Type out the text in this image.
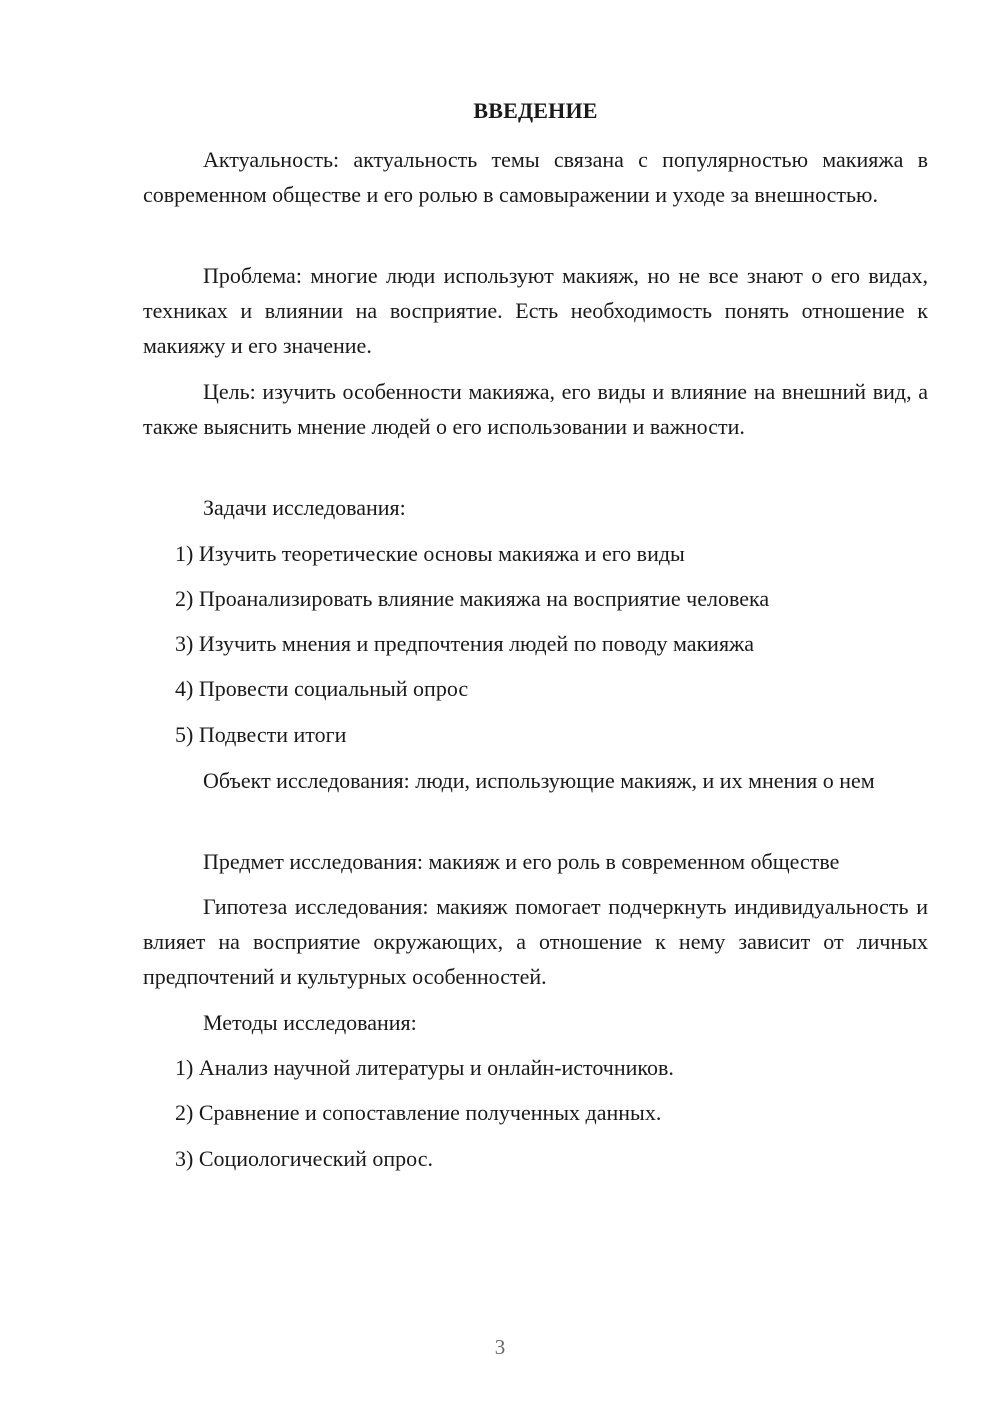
ВВЕДЕНИЕ

Актуальность: актуальность темы связана с популярностью макияжа в современном обществе и его ролью в самовыражении и уходе за внешностью.

Проблема: многие люди используют макияж, но не все знают о его видах, техниках и влиянии на восприятие. Есть необходимость понять отношение к макияжу и его значение.

Цель: изучить особенности макияжа, его виды и влияние на внешний вид, а также выяснить мнение людей о его использовании и важности.

Задачи исследования:

1) Изучить теоретические основы макияжа и его виды

2) Проанализировать влияние макияжа на восприятие человека

3) Изучить мнения и предпочтения людей по поводу макияжа

4) Провести социальный опрос

5) Подвести итоги

Объект исследования: люди, использующие макияж, и их мнения о нем

Предмет исследования: макияж и его роль в современном обществе

Гипотеза исследования: макияж помогает подчеркнуть индивидуальность и влияет на восприятие окружающих, а отношение к нему зависит от личных предпочтений и культурных особенностей.

Методы исследования:

1) Анализ научной литературы и онлайн-источников.

2) Сравнение и сопоставление полученных данных.

3) Социологический опрос.

3
